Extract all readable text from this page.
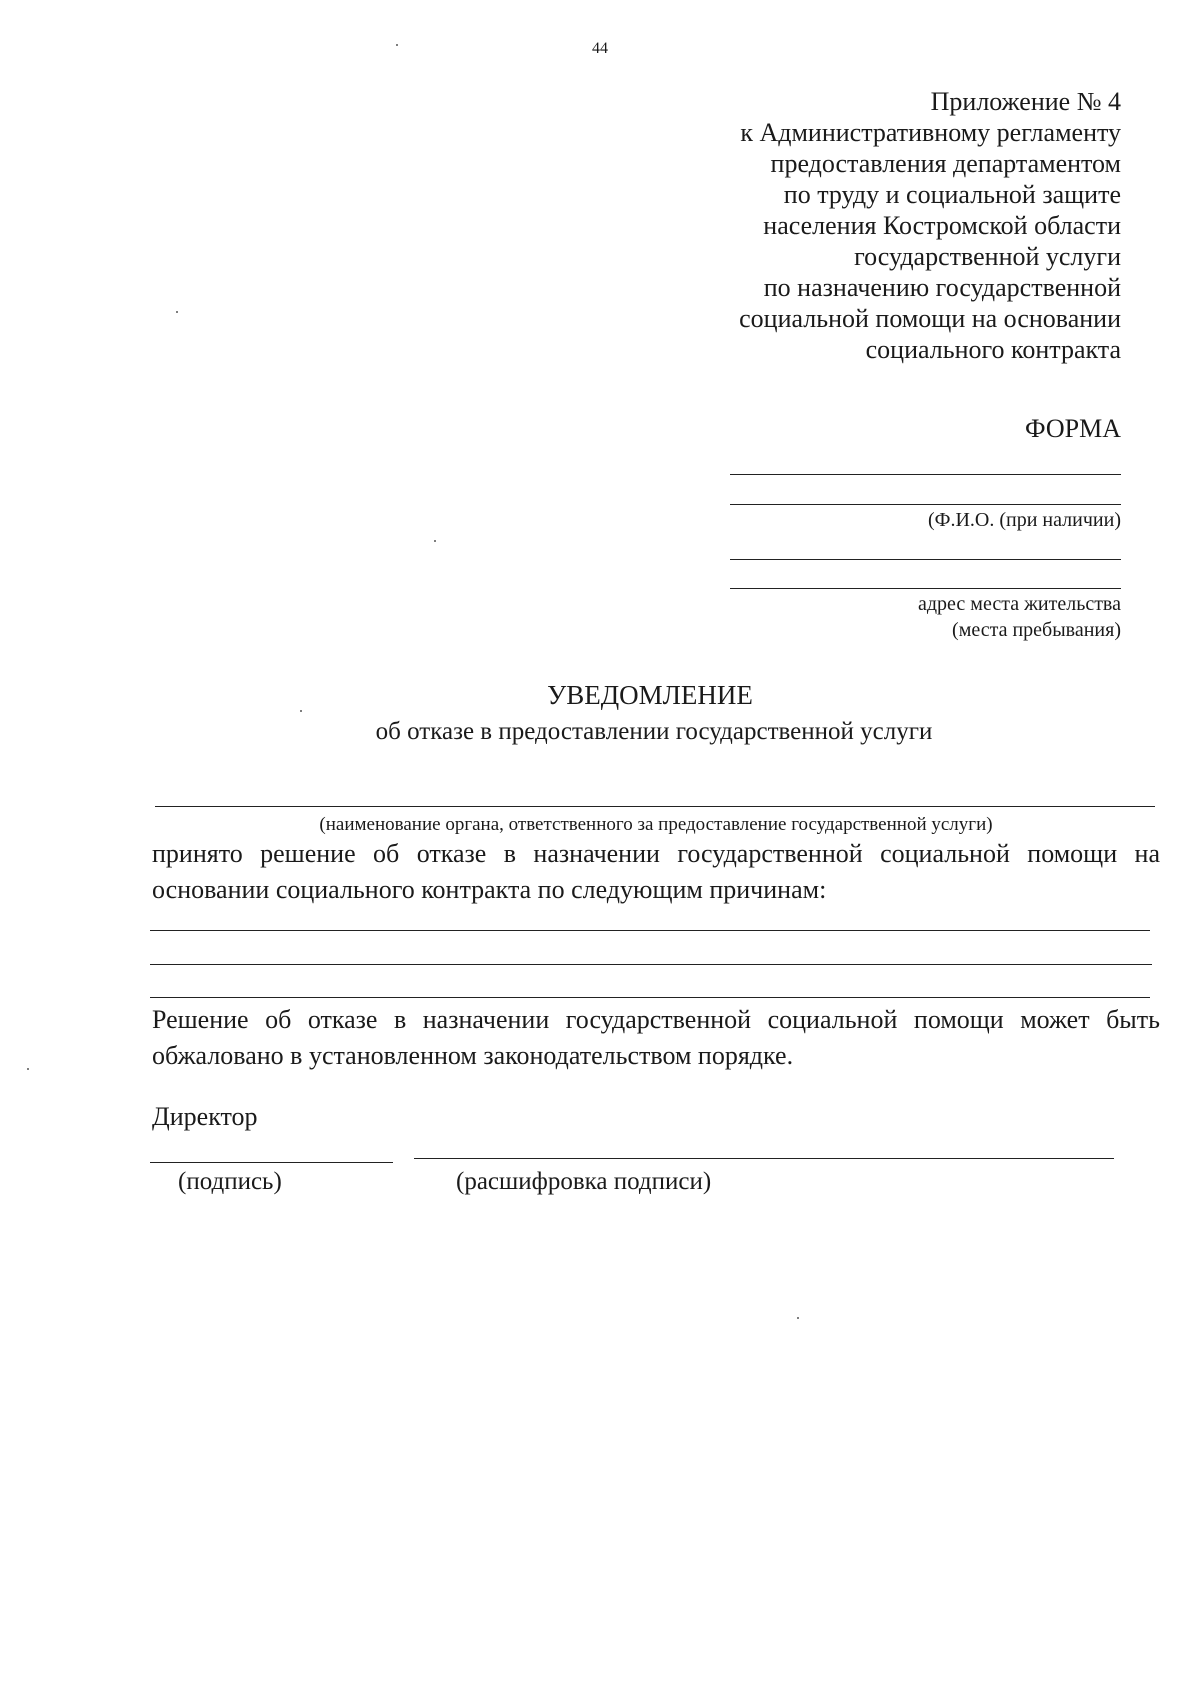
44
Приложение № 4
к Административному регламенту
предоставления департаментом
по труду и социальной защите
населения Костромской области
государственной услуги
по назначению государственной
социальной помощи на основании
социального контракта
ФОРМА
(Ф.И.О. (при наличии)
адрес места жительства
(места пребывания)
УВЕДОМЛЕНИЕ
об отказе в предоставлении государственной услуги
(наименование органа, ответственного за предоставление государственной услуги)
принято решение об отказе в назначении государственной социальной помощи на основании социального контракта по следующим причинам:
Решение об отказе в назначении государственной социальной помощи может быть обжаловано в установленном законодательством порядке.
Директор
(подпись)	(расшифровка подписи)
